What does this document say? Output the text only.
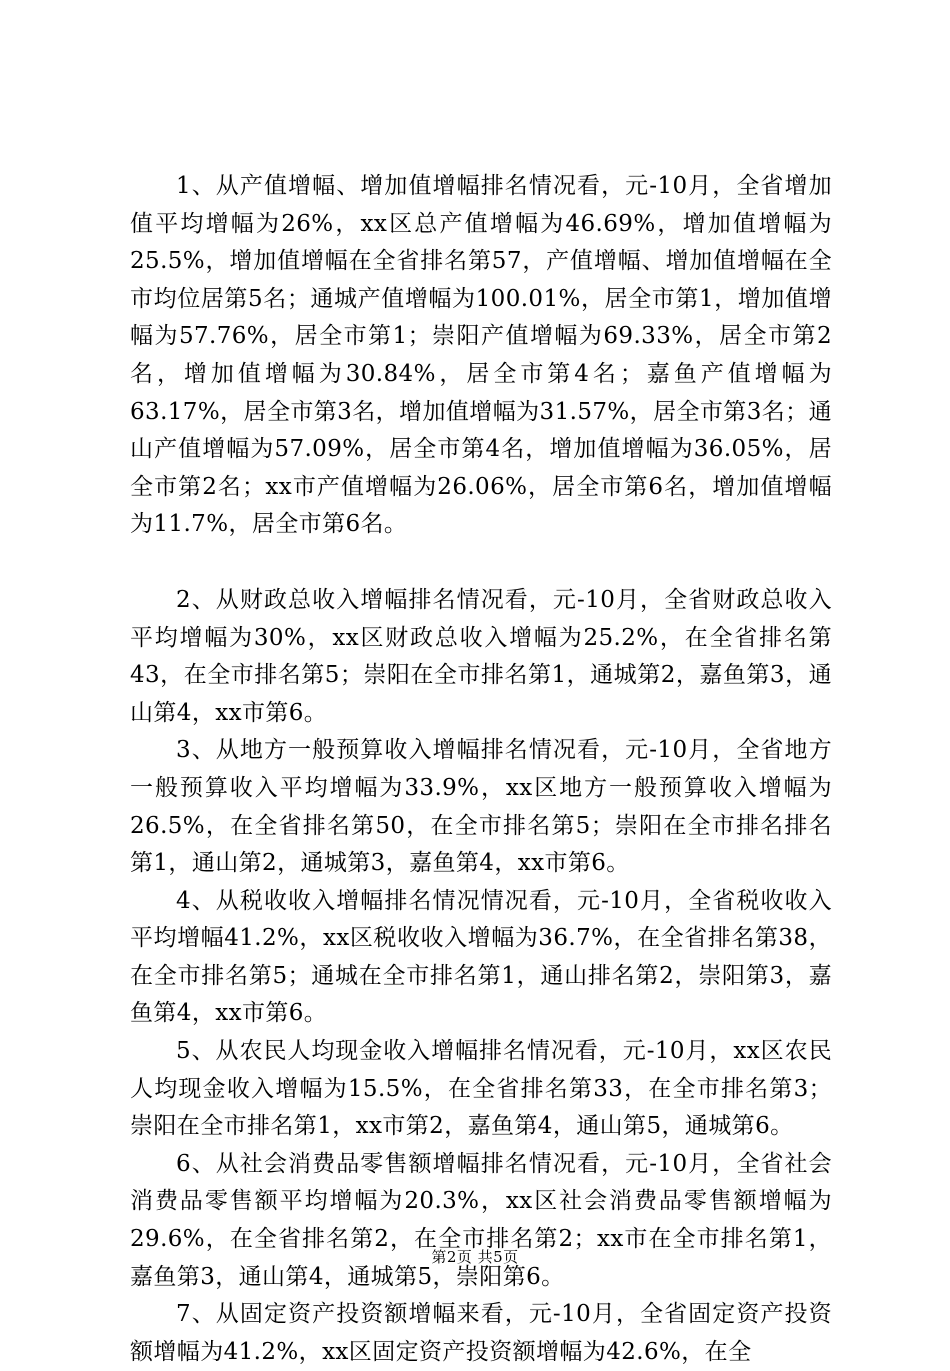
1、从产值增幅、增加值增幅排名情况看，元-10月，全省增加值平均增幅为26%，xx区总产值增幅为46.69%，增加值增幅为25.5%，增加值增幅在全省排名第57，产值增幅、增加值增幅在全市均位居第5名；通城产值增幅为100.01%，居全市第1，增加值增幅为57.76%，居全市第1；崇阳产值增幅为69.33%，居全市第2名，增加值增幅为30.84%，居全市第4名；嘉鱼产值增幅为63.17%，居全市第3名，增加值增幅为31.57%，居全市第3名；通山产值增幅为57.09%，居全市第4名，增加值增幅为36.05%，居全市第2名；xx市产值增幅为26.06%，居全市第6名，增加值增幅为11.7%，居全市第6名。

2、从财政总收入增幅排名情况看，元-10月，全省财政总收入平均增幅为30%，xx区财政总收入增幅为25.2%，在全省排名第43，在全市排名第5；崇阳在全市排名第1，通城第2，嘉鱼第3，通山第4，xx市第6。

3、从地方一般预算收入增幅排名情况看，元-10月，全省地方一般预算收入平均增幅为33.9%，xx区地方一般预算收入增幅为26.5%，在全省排名第50，在全市排名第5；崇阳在全市排名排名第1，通山第2，通城第3，嘉鱼第4，xx市第6。

4、从税收收入增幅排名情况情况看，元-10月，全省税收收入平均增幅41.2%，xx区税收收入增幅为36.7%，在全省排名第38，在全市排名第5；通城在全市排名第1，通山排名第2，崇阳第3，嘉鱼第4，xx市第6。

5、从农民人均现金收入增幅排名情况看，元-10月，xx区农民人均现金收入增幅为15.5%，在全省排名第33，在全市排名第3；崇阳在全市排名第1，xx市第2，嘉鱼第4，通山第5，通城第6。

6、从社会消费品零售额增幅排名情况看，元-10月，全省社会消费品零售额平均增幅为20.3%，xx区社会消费品零售额增幅为29.6%，在全省排名第2，在全市排名第2；xx市在全市排名第1，嘉鱼第3，通山第4，通城第5，崇阳第6。

7、从固定资产投资额增幅来看，元-10月，全省固定资产投资额增幅为41.2%，xx区固定资产投资额增幅为42.6%，在全

第2页 共5页
